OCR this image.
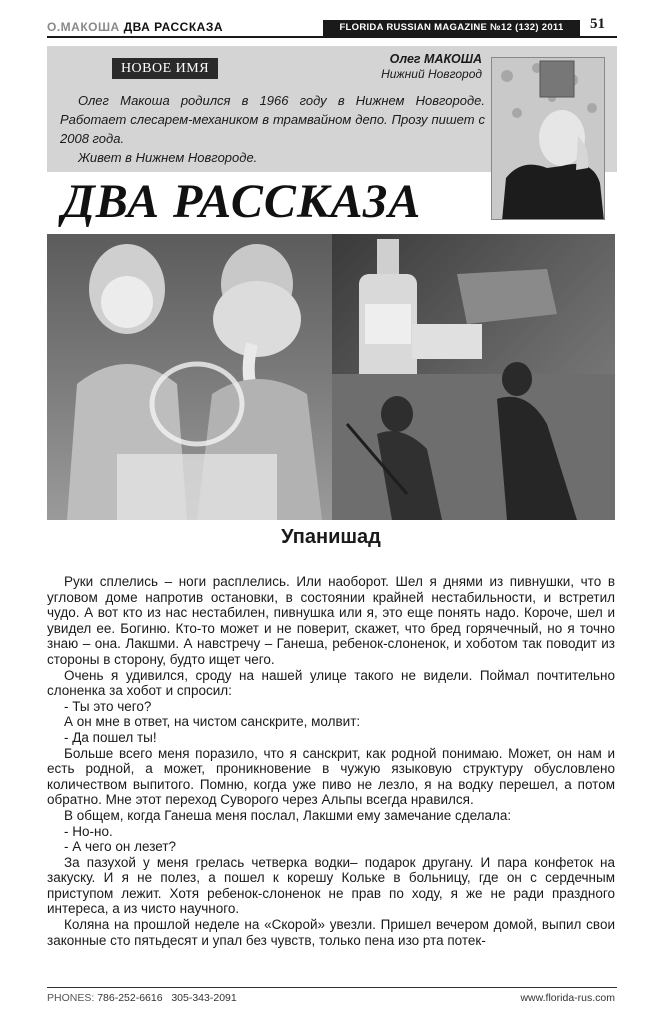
О.МАКОША ДВА РАССКАЗА	FLORIDA RUSSIAN MAGAZINE №12 (132) 2011	51
НОВОЕ ИМЯ
Олег МАКОША
Нижний Новгород

Олег Макоша родился в 1966 году в Нижнем Новгороде. Работает слесарем-механиком в трамвайном депо. Прозу пишет с 2008 года.

Живет в Нижнем Новгороде.

ДВА РАССКАЗА
Упанишад

Руки сплелись – ноги расплелись. Или наоборот. Шел я днями из пивнушки, что в угловом доме напротив остановки, в состоянии крайней нестабильности, и встретил чудо. А вот кто из нас нестабилен, пивнушка или я, это еще понять надо. Короче, шел и увидел ее. Богиню. Кто-то может и не поверит, скажет, что бред горячечный, но я точно знаю – она. Лакшми. А навстречу – Ганеша, ребенок-слоненок, и хоботом так поводит из стороны в сторону, будто ищет чего.

Очень я удивился, сроду на нашей улице такого не видели. Поймал почтительно слоненка за хобот и спросил:

- Ты это чего?

А он мне в ответ, на чистом санскрите, молвит:

- Да пошел ты!

Больше всего меня поразило, что я санскрит, как родной понимаю. Может, он нам и есть родной, а может, проникновение в чужую языковую структуру обусловлено количеством выпитого. Помню, когда уже пиво не лезло, я на водку перешел, а потом обратно. Мне этот переход Суворого через Альпы всегда нравился.

В общем, когда Ганеша меня послал, Лакшми ему замечание сделала:

- Но-но.

- А чего он лезет?

За пазухой у меня грелась четверка водки– подарок другану. И пара конфеток на закуску. И я не полез, а пошел к корешу Кольке в больницу, где он с сердечным приступом лежит. Хотя ребенок-слоненок не прав по ходу, я же не ради праздного интереса, а из чисто научного.

Коляна на прошлой неделе на «Скорой» увезли. Пришел вечером домой, выпил свои законные сто пятьдесят и упал без чувств, только пена изо рта потек-

PHONES: 786-252-6616   305-343-2091	www.florida-rus.com
